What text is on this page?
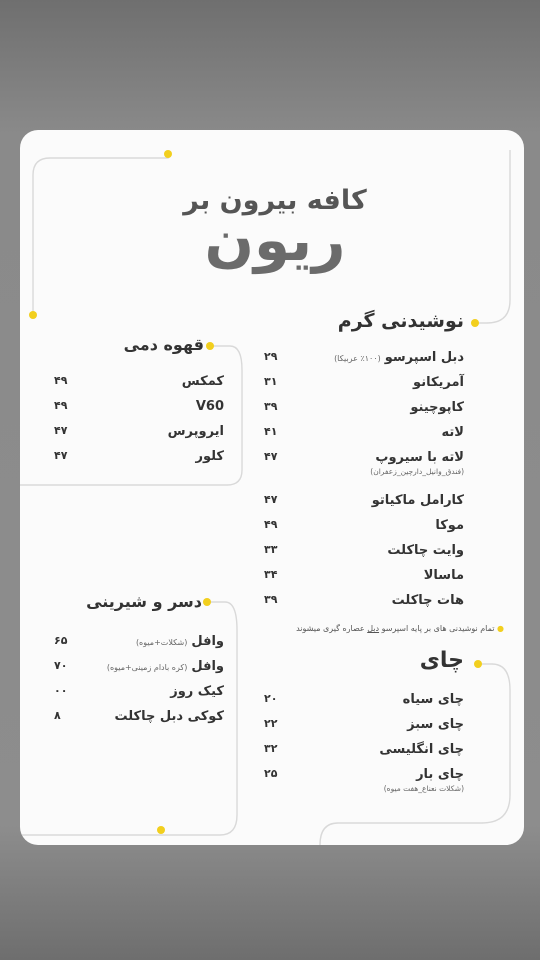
کافه بیرون بر
ریون
نوشیدنی گرم
دبل اسپرسو(۱۰۰٪ عربیکا)
۲۹
آمریکانو
۳۱
کاپوچینو
۳۹
لاته
۴۱
لاته با سیروپ
(فندق_وانیل_دارچین_زعفران)
۴۷
کارامل ماکیاتو
۴۷
موکا
۴۹
وایت چاکلت
۳۳
ماسالا
۳۴
هات چاکلت
۳۹
● تمام نوشیدنی های بر پایه اسپرسو دبل عصاره گیری میشوند
قهوه دمی
کمکس
۴۹
V60
۴۹
ایروپرس
۴۷
کلور
۴۷
دسر و شیرینی
وافل(شکلات+میوه)
۶۵
وافل(کره بادام زمینی+میوه)
۷۰
کیک روز
۰۰
کوکی دبل چاکلت
۸
چای
چای سیاه
۲۰
چای سبز
۲۲
چای انگلیسی
۳۲
چای بار
(شکلات نعناع_هفت میوه)
۲۵
